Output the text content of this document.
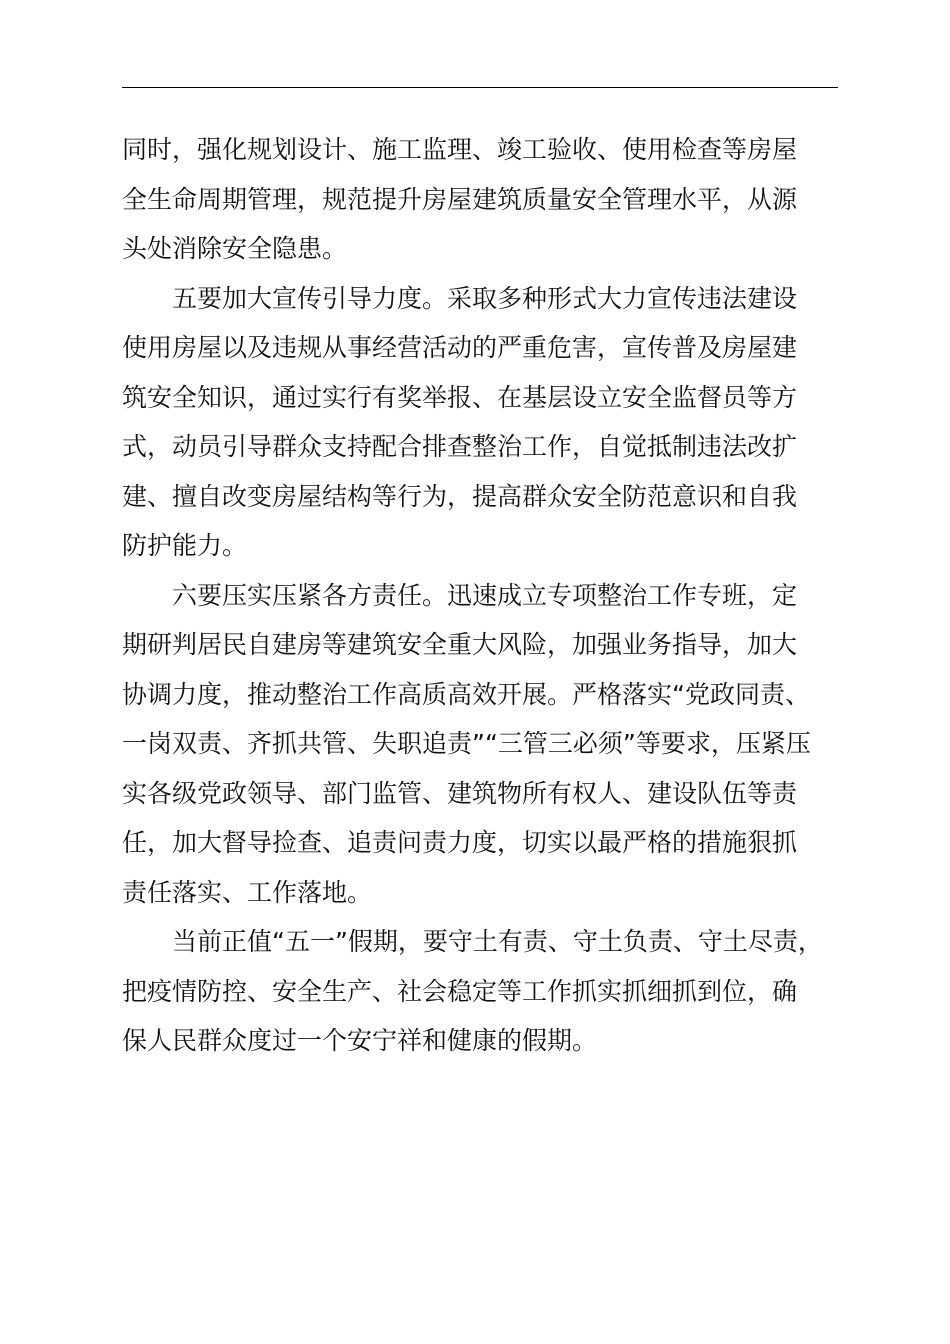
同时，强化规划设计、施工监理、竣工验收、使用检查等房屋
全生命周期管理，规范提升房屋建筑质量安全管理水平，从源
头处消除安全隐患。
五要加大宣传引导力度。采取多种形式大力宣传违法建设
使用房屋以及违规从事经营活动的严重危害，宣传普及房屋建
筑安全知识，通过实行有奖举报、在基层设立安全监督员等方
式，动员引导群众支持配合排查整治工作，自觉抵制违法改扩
建、擅自改变房屋结构等行为，提高群众安全防范意识和自我
防护能力。
六要压实压紧各方责任。迅速成立专项整治工作专班，定
期研判居民自建房等建筑安全重大风险，加强业务指导，加大
协调力度，推动整治工作高质高效开展。严格落实“党政同责、
一岗双责、齐抓共管、失职追责”“三管三必须”等要求，压紧压
实各级党政领导、部门监管、建筑物所有权人、建设队伍等责
任，加大督导捡查、追责问责力度，切实以最严格的措施狠抓
责任落实、工作落地。
当前正值“五一”假期，要守土有责、守土负责、守土尽责，
把疫情防控、安全生产、社会稳定等工作抓实抓细抓到位，确
保人民群众度过一个安宁祥和健康的假期。
